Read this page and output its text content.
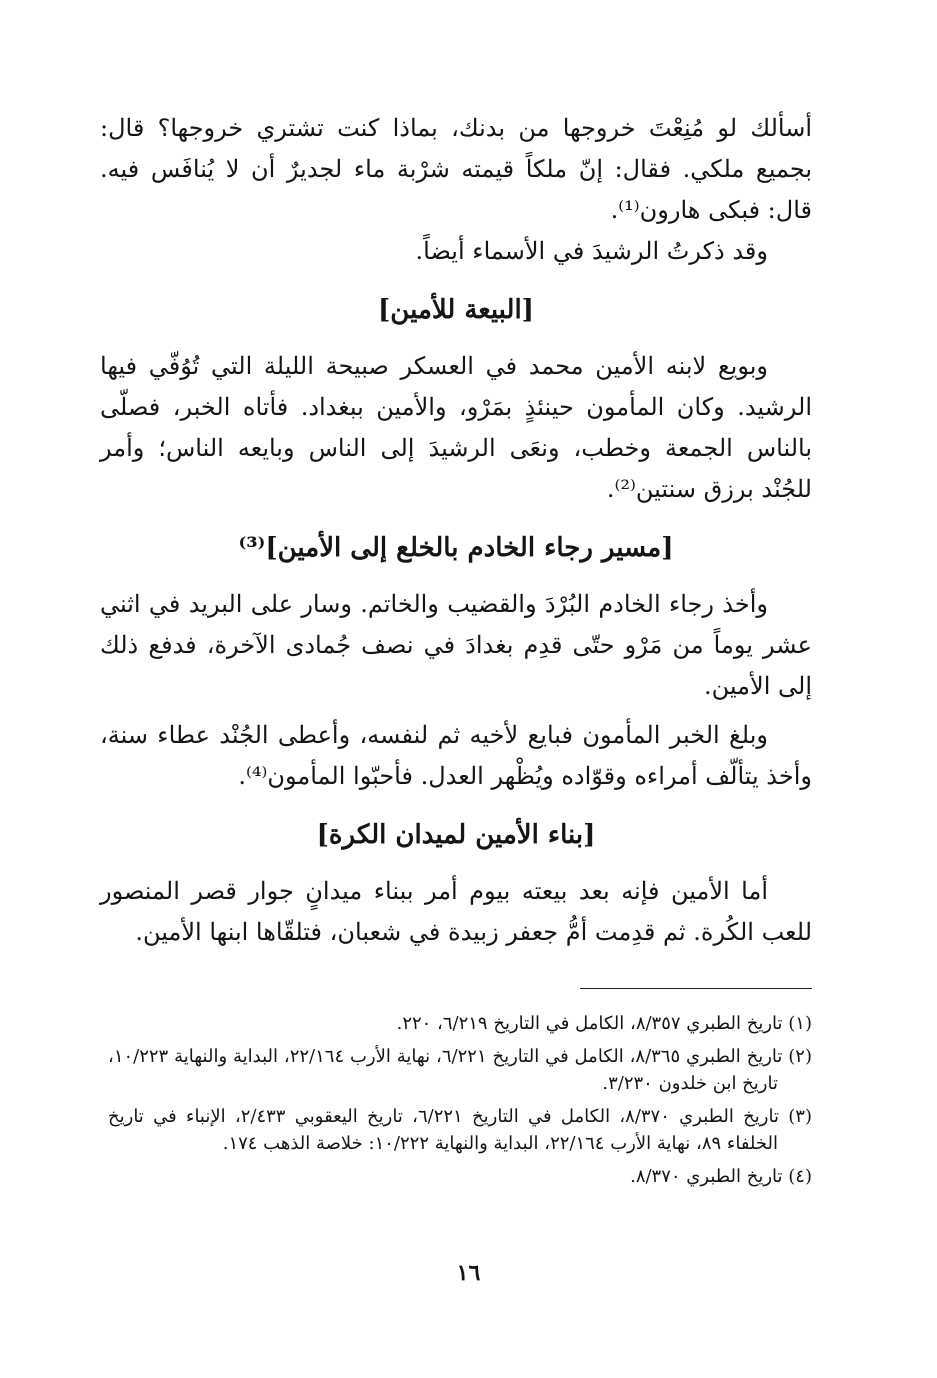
أسألك لو مُنِعْتَ خروجها من بدنك، بماذا كنت تشتري خروجها؟ قال: بجميع ملكي. فقال: إنّ ملكاً قيمته شرْبة ماء لجديرٌ أن لا يُنافَس فيه. قال: فبكى هارون⁽¹⁾.

وقد ذكرتُ الرشيدَ في الأسماء أيضاً.

[البيعة للأمين]

وبويع لابنه الأمين محمد في العسكر صبيحة الليلة التي تُوُفّي فيها الرشيد. وكان المأمون حينئذٍ بمَرْو، والأمين ببغداد. فأتاه الخبر، فصلّى بالناس الجمعة وخطب، ونعَى الرشيدَ إلى الناس وبايعه الناس؛ وأمر للجُنْد برزق سنتين⁽²⁾.

[مسير رجاء الخادم بالخلع إلى الأمين]⁽³⁾

وأخذ رجاء الخادم البُرْدَ والقضيب والخاتم. وسار على البريد في اثني عشر يوماً من مَرْو حتّى قدِم بغدادَ في نصف جُمادى الآخرة، فدفع ذلك إلى الأمين.

وبلغ الخبر المأمون فبايع لأخيه ثم لنفسه، وأعطى الجُنْد عطاء سنة، وأخذ يتألّف أمراءه وقوّاده ويُظْهر العدل. فأحبّوا المأمون⁽⁴⁾.

[بناء الأمين لميدان الكرة]

أما الأمين فإنه بعد بيعته بيوم أمر ببناء ميدانٍ جوار قصر المنصور للعب الكُرة. ثم قدِمت أمُّ جعفر زبيدة في شعبان، فتلقّاها ابنها الأمين.

(١) تاريخ الطبري ٨/٣٥٧، الكامل في التاريخ ٦/٢١٩، ٢٢٠.

(٢) تاريخ الطبري ٨/٣٦٥، الكامل في التاريخ ٦/٢٢١، نهاية الأرب ٢٢/١٦٤، البداية والنهاية ١٠/٢٢٣، تاريخ ابن خلدون ٣/٢٣٠.

(٣) تاريخ الطبري ٨/٣٧٠، الكامل في التاريخ ٦/٢٢١، تاريخ اليعقوبي ٢/٤٣٣، الإنباء في تاريخ الخلفاء ٨٩، نهاية الأرب ٢٢/١٦٤، البداية والنهاية ١٠/٢٢٢: خلاصة الذهب ١٧٤.

(٤) تاريخ الطبري ٨/٣٧٠.

١٦
